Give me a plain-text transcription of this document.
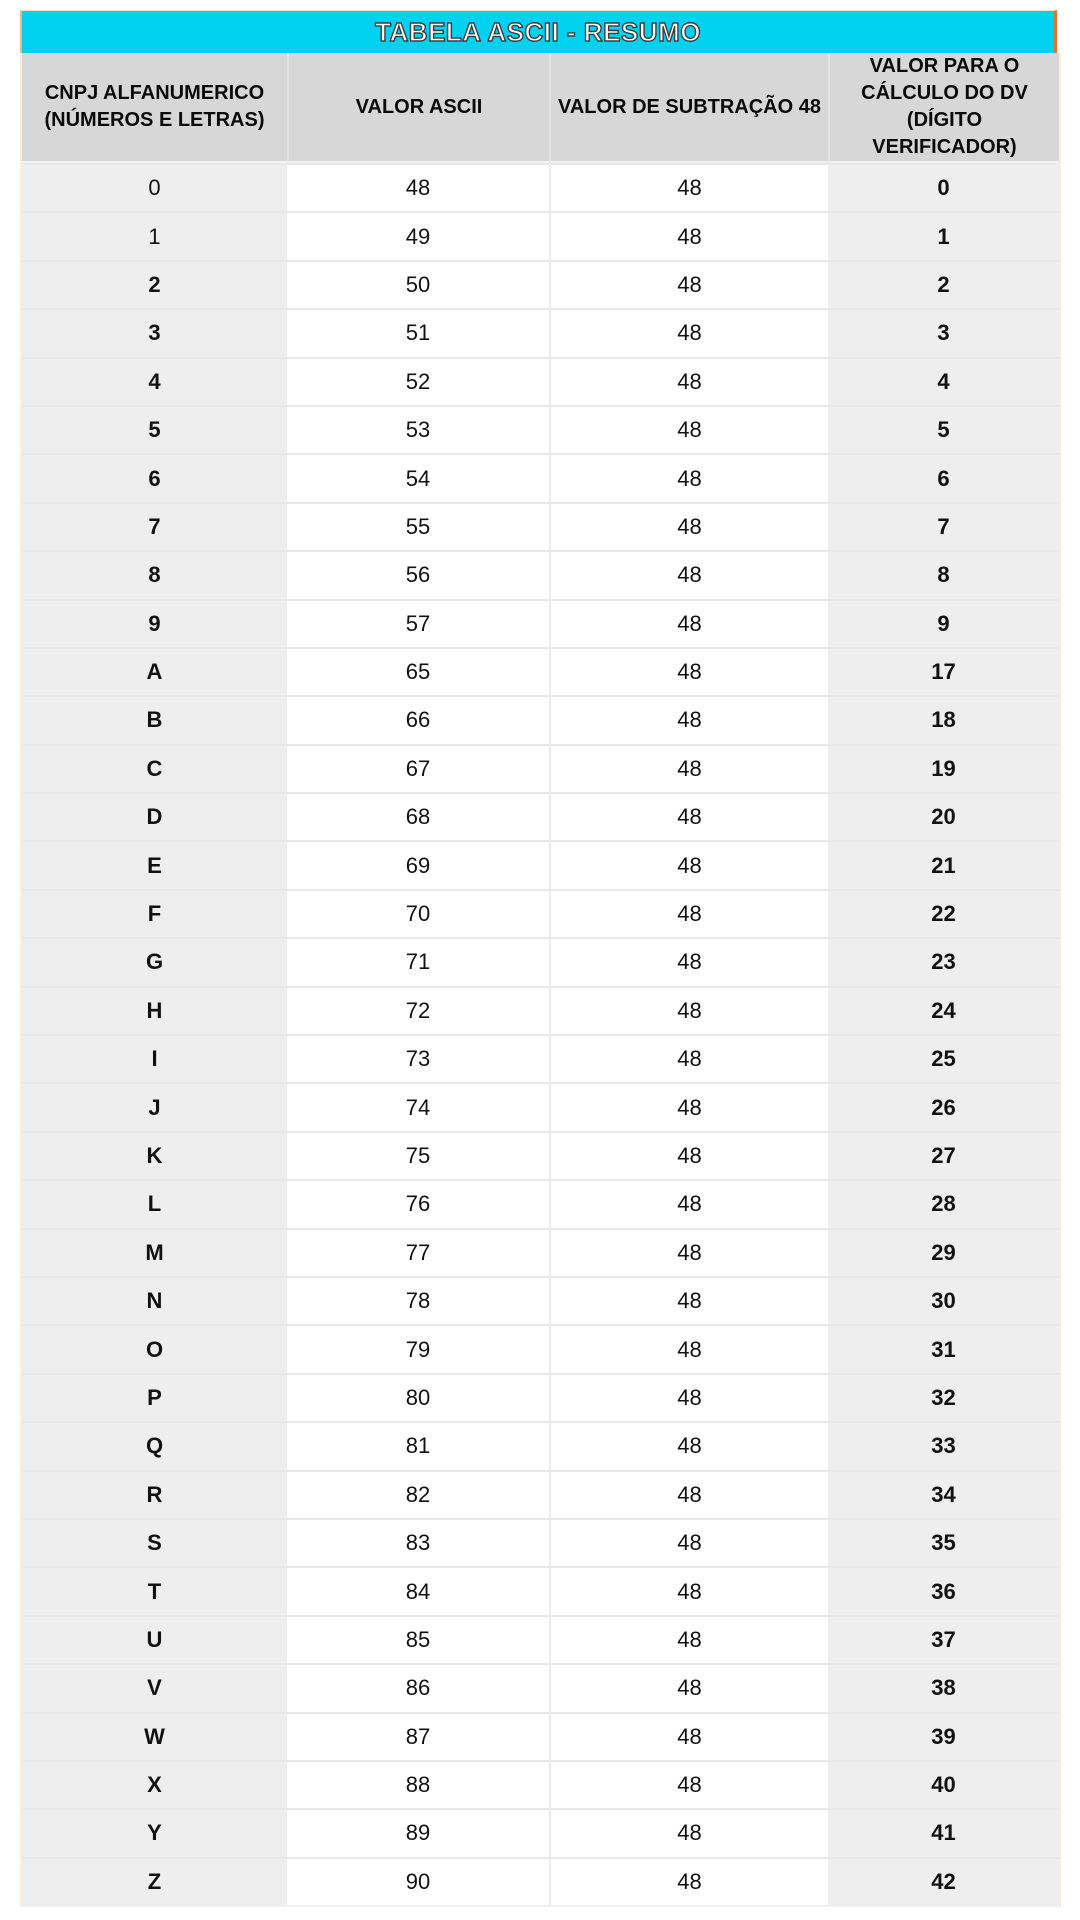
TABELA ASCII - RESUMO
CNPJ ALFANUMERICO (NÚMEROS E LETRAS)	VALOR ASCII	VALOR DE SUBTRAÇÃO 48	VALOR PARA O CÁLCULO DO DV (DÍGITO VERIFICADOR)
0	48	48	0
1	49	48	1
2	50	48	2
3	51	48	3
4	52	48	4
5	53	48	5
6	54	48	6
7	55	48	7
8	56	48	8
9	57	48	9
A	65	48	17
B	66	48	18
C	67	48	19
D	68	48	20
E	69	48	21
F	70	48	22
G	71	48	23
H	72	48	24
I	73	48	25
J	74	48	26
K	75	48	27
L	76	48	28
M	77	48	29
N	78	48	30
O	79	48	31
P	80	48	32
Q	81	48	33
R	82	48	34
S	83	48	35
T	84	48	36
U	85	48	37
V	86	48	38
W	87	48	39
X	88	48	40
Y	89	48	41
Z	90	48	42
